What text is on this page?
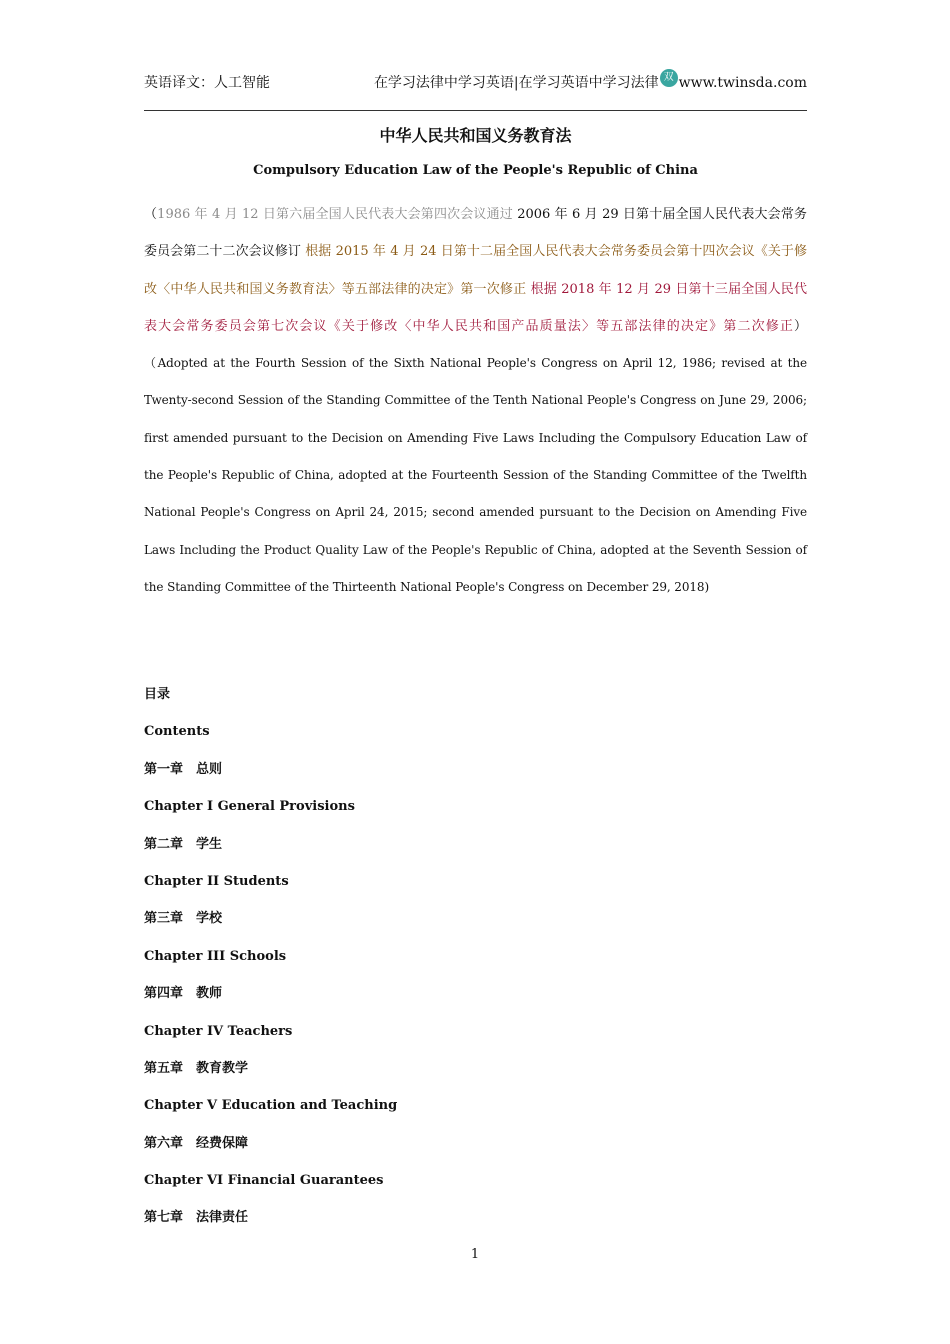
英语译文：人工智能	在学习法律中学习英语|在学习英语中学习法律 双 www.twinsda.com
中华人民共和国义务教育法
Compulsory Education Law of the People's Republic of China
（1986 年 4 月 12 日第六届全国人民代表大会第四次会议通过 2006 年 6 月 29 日第十届全国人民代表大会常务委员会第二十二次会议修订 根据 2015 年 4 月 24 日第十二届全国人民代表大会常务委员会第十四次会议《关于修改〈中华人民共和国义务教育法〉等五部法律的决定》第一次修正 根据 2018 年 12 月 29 日第十三届全国人民代表大会常务委员会第七次会议《关于修改〈中华人民共和国产品质量法〉等五部法律的决定》第二次修正） （Adopted at the Fourth Session of the Sixth National People's Congress on April 12, 1986; revised at the Twenty-second Session of the Standing Committee of the Tenth National People's Congress on June 29, 2006; first amended pursuant to the Decision on Amending Five Laws Including the Compulsory Education Law of the People's Republic of China, adopted at the Fourteenth Session of the Standing Committee of the Twelfth National People's Congress on April 24, 2015; second amended pursuant to the Decision on Amending Five Laws Including the Product Quality Law of the People's Republic of China, adopted at the Seventh Session of the Standing Committee of the Thirteenth National People's Congress on December 29, 2018)
目录
Contents
第一章　总则
Chapter I General Provisions
第二章　学生
Chapter II Students
第三章　学校
Chapter III Schools
第四章　教师
Chapter IV Teachers
第五章　教育教学
Chapter V Education and Teaching
第六章　经费保障
Chapter VI Financial Guarantees
第七章　法律责任
1
